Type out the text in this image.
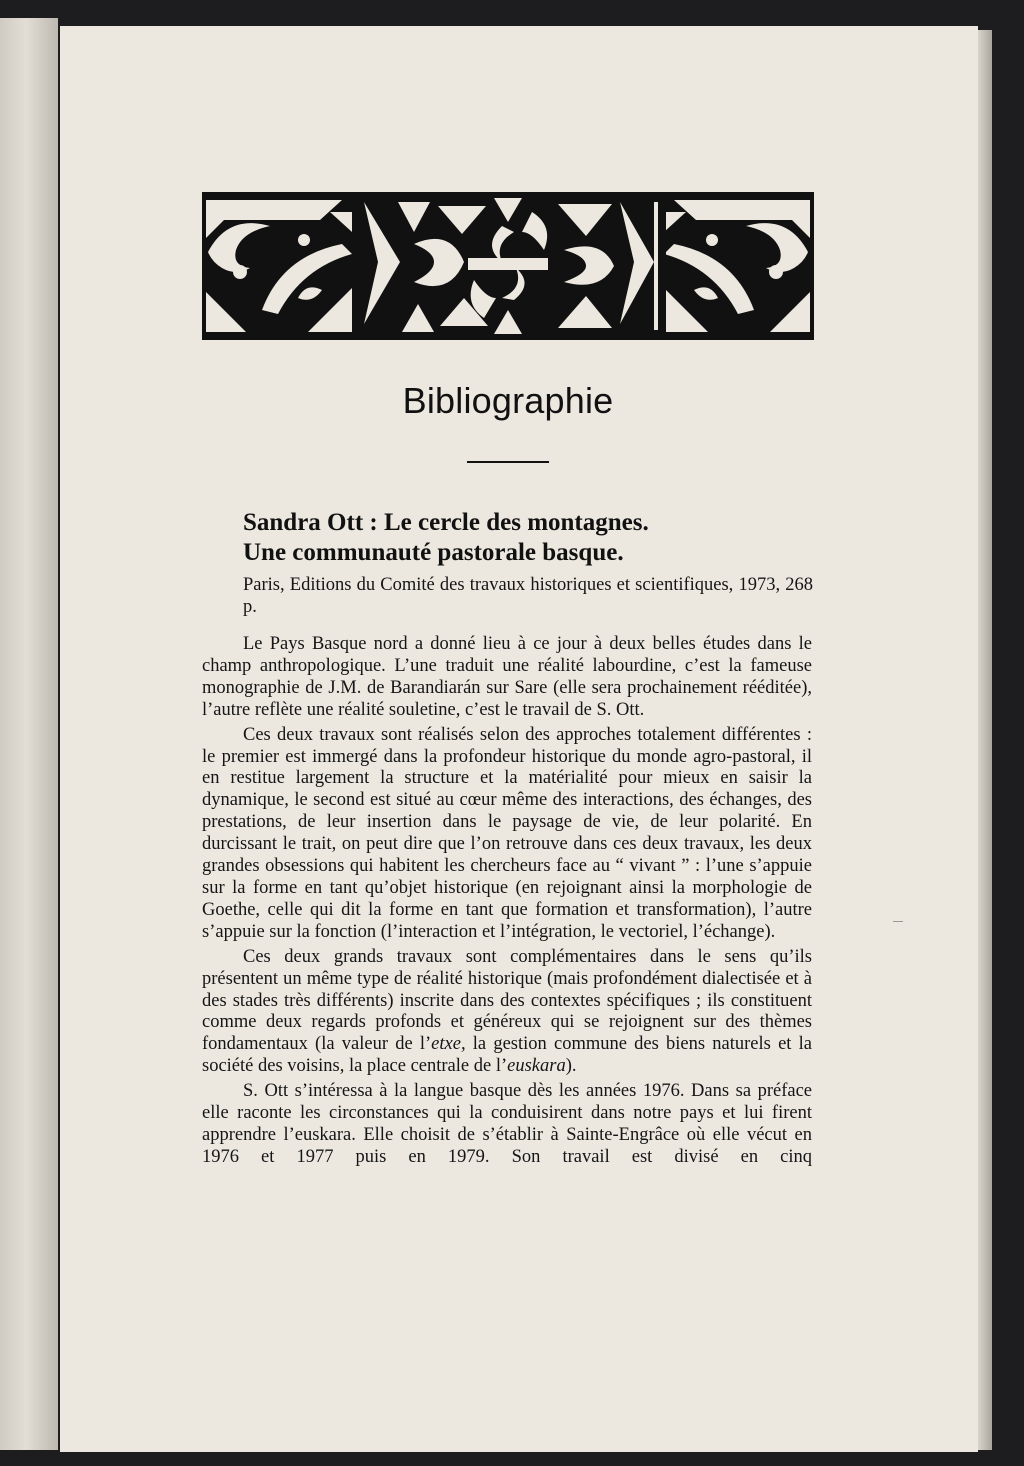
Bibliographie
Sandra Ott : Le cercle des montagnes.
Une communauté pastorale basque.
Paris, Editions du Comité des travaux historiques et scientifiques, 1973, 268 p.

Le Pays Basque nord a donné lieu à ce jour à deux belles études dans le champ anthropologique. L’une traduit une réalité labourdine, c’est la fameuse monographie de J.M. de Barandiarán sur Sare (elle sera prochainement rééditée), l’autre reflète une réalité souletine, c’est le travail de S. Ott.

Ces deux travaux sont réalisés selon des approches totalement différentes : le premier est immergé dans la profondeur historique du monde agro-pastoral, il en restitue largement la structure et la matérialité pour mieux en saisir la dynamique, le second est situé au cœur même des interactions, des échanges, des prestations, de leur insertion dans le paysage de vie, de leur polarité. En durcissant le trait, on peut dire que l’on retrouve dans ces deux travaux, les deux grandes obsessions qui habitent les chercheurs face au “ vivant ” : l’une s’appuie sur la forme en tant qu’objet historique (en rejoignant ainsi la morphologie de Goethe, celle qui dit la forme en tant que formation et transformation), l’autre s’appuie sur la fonction (l’interaction et l’intégration, le vectoriel, l’échange).

Ces deux grands travaux sont complémentaires dans le sens qu’ils présentent un même type de réalité historique (mais profondément dialectisée et à des stades très différents) inscrite dans des contextes spécifiques ; ils constituent comme deux regards profonds et généreux qui se rejoignent sur des thèmes fondamentaux (la valeur de l’etxe, la gestion commune des biens naturels et la société des voisins, la place centrale de l’euskara).

S. Ott s’intéressa à la langue basque dès les années 1976. Dans sa préface elle raconte les circonstances qui la conduisirent dans notre pays et lui firent apprendre l’euskara. Elle choisit de s’établir à Sainte-Engrâce où elle vécut en 1976 et 1977 puis en 1979. Son travail est divisé en cinq
